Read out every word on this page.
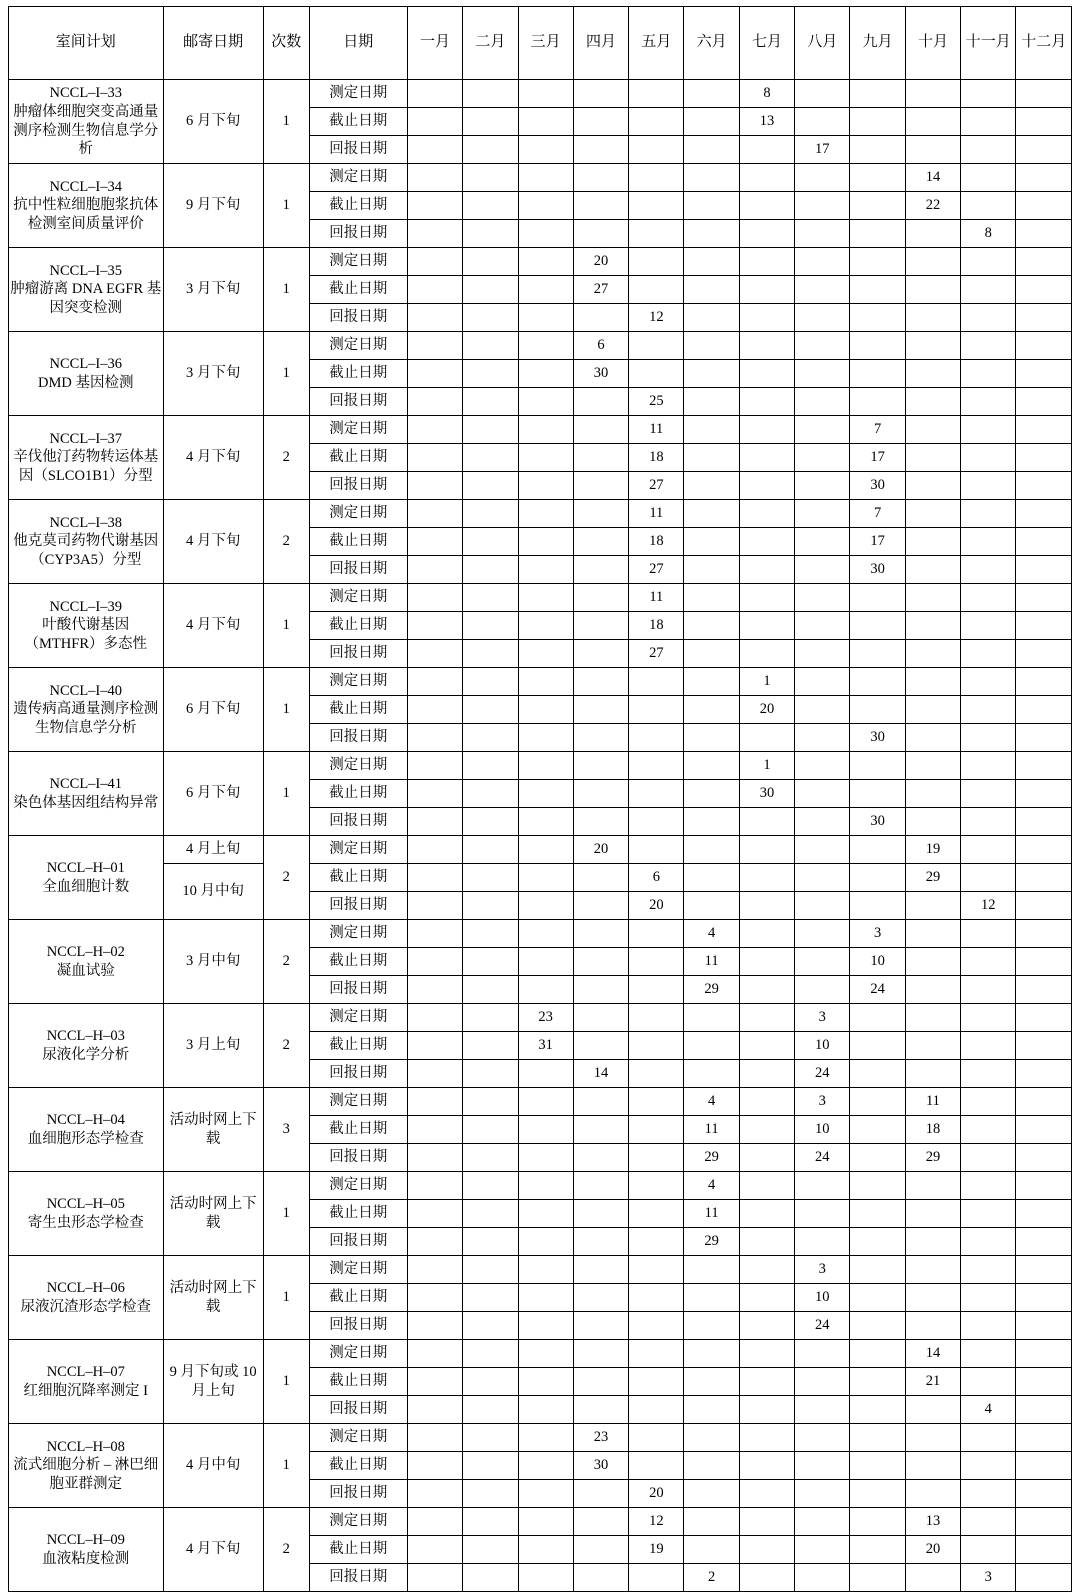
室间计划	邮寄日期	次数	日期	一月	二月	三月	四月	五月	六月	七月	八月	九月	十月	十一月	十二月
NCCL–I–33
肿瘤体细胞突变高通量测序检测生物信息学分析	6 月下旬	1	测定日期							8					
			截止日期							13					
			回报日期								17				
NCCL–I–34
抗中性粒细胞胞浆抗体检测室间质量评价	9 月下旬	1	测定日期										14		
			截止日期										22		
			回报日期											8	
NCCL–I–35
肿瘤游离 DNA EGFR 基因突变检测	3 月下旬	1	测定日期				20								
			截止日期				27								
			回报日期					12							
NCCL–I–36
DMD 基因检测	3 月下旬	1	测定日期				6								
			截止日期				30								
			回报日期					25							
NCCL–I–37
辛伐他汀药物转运体基因（SLCO1B1）分型	4 月下旬	2	测定日期					11				7			
			截止日期					18				17			
			回报日期					27				30			
NCCL–I–38
他克莫司药物代谢基因（CYP3A5）分型	4 月下旬	2	测定日期					11				7			
			截止日期					18				17			
			回报日期					27				30			
NCCL–I–39
叶酸代谢基因（MTHFR）多态性	4 月下旬	1	测定日期					11							
			截止日期					18							
			回报日期					27							
NCCL–I–40
遗传病高通量测序检测生物信息学分析	6 月下旬	1	测定日期							1					
			截止日期							20					
			回报日期									30			
NCCL–I–41
染色体基因组结构异常	6 月下旬	1	测定日期							1					
			截止日期							30					
			回报日期									30			
NCCL–H–01
全血细胞计数	4 月上旬	2	测定日期				20						19		
	10 月中旬		截止日期					6					29		
			回报日期					20						12	
NCCL–H–02
凝血试验	3 月中旬	2	测定日期						4			3			
			截止日期						11			10			
			回报日期						29			24			
NCCL–H–03
尿液化学分析	3 月上旬	2	测定日期			23					3				
			截止日期			31					10				
			回报日期				14				24				
NCCL–H–04
血细胞形态学检查	活动时网上下载	3	测定日期						4		3		11		
			截止日期						11		10		18		
			回报日期						29		24		29		
NCCL–H–05
寄生虫形态学检查	活动时网上下载	1	测定日期						4						
			截止日期						11						
			回报日期						29						
NCCL–H–06
尿液沉渣形态学检查	活动时网上下载	1	测定日期								3				
			截止日期								10				
			回报日期								24				
NCCL–H–07
红细胞沉降率测定 I	9 月下旬或 10 月上旬	1	测定日期										14		
			截止日期										21		
			回报日期											4	
NCCL–H–08
流式细胞分析 – 淋巴细胞亚群测定	4 月中旬	1	测定日期				23								
			截止日期				30								
			回报日期					20							
NCCL–H–09
血液粘度检测	4 月下旬	2	测定日期					12					13		
			截止日期					19					20		
			回报日期						2					3	
